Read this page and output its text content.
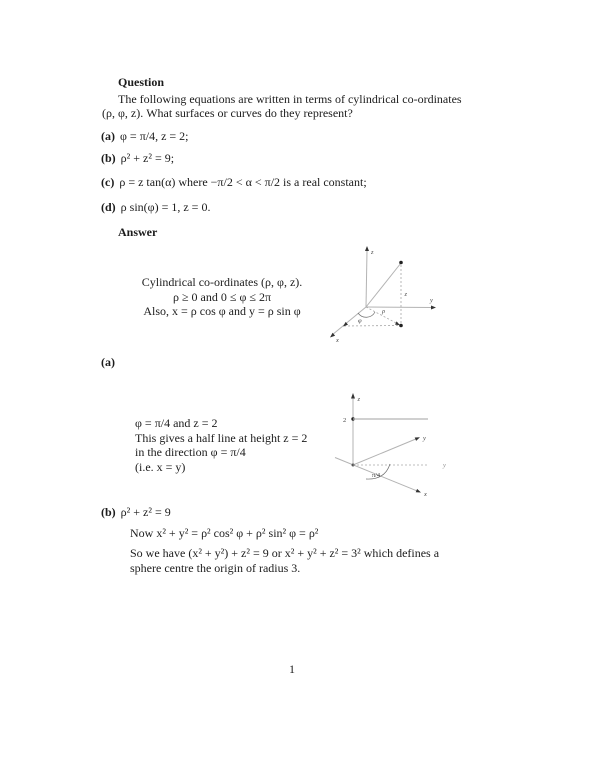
Question
The following equations are written in terms of cylindrical co-ordinates
(ρ, φ, z). What surfaces or curves do they represent?
(a) φ = π/4, z = 2;
(b) ρ² + z² = 9;
(c) ρ = z tan(α) where −π/2 < α < π/2 is a real constant;
(d) ρ sin(φ) = 1, z = 0.
Answer
Cylindrical co-ordinates (ρ, φ, z).
ρ ≥ 0 and 0 ≤ φ ≤ 2π
Also, x = ρ cos φ and y = ρ sin φ
z
y
x
z
ρ
φ
(a)
φ = π/4 and z = 2
This gives a half line at height z = 2
in the direction φ = π/4
(i.e. x = y)
z
2
y
x
y
π/4
(b) ρ² + z² = 9
Now x² + y² = ρ² cos² φ + ρ² sin² φ = ρ²
So we have (x² + y²) + z² = 9 or x² + y² + z² = 3² which defines a
sphere centre the origin of radius 3.
1
